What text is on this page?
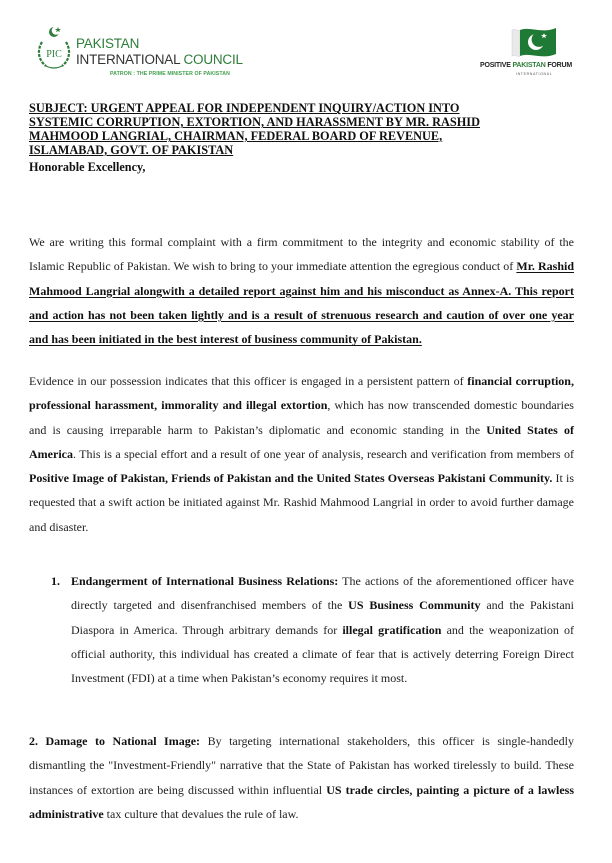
PIC
PAKISTAN
INTERNATIONAL COUNCIL
PATRON : THE PRIME MINISTER OF PAKISTAN
POSITIVE PAKISTAN FORUM
INTERNATIONAL
SUBJECT: URGENT APPEAL FOR INDEPENDENT INQUIRY/ACTION INTO SYSTEMIC CORRUPTION, EXTORTION, AND HARASSMENT BY MR. RASHID MAHMOOD LANGRIAL, CHAIRMAN, FEDERAL BOARD OF REVENUE, ISLAMABAD, GOVT. OF PAKISTAN
Honorable Excellency,
We are writing this formal complaint with a firm commitment to the integrity and economic stability of the Islamic Republic of Pakistan. We wish to bring to your immediate attention the egregious conduct of Mr. Rashid Mahmood Langrial alongwith a detailed report against him and his misconduct as Annex-A. This report and action has not been taken lightly and is a result of strenuous research and caution of over one year and has been initiated in the best interest of business community of Pakistan.
Evidence in our possession indicates that this officer is engaged in a persistent pattern of financial corruption, professional harassment, immorality and illegal extortion, which has now transcended domestic boundaries and is causing irreparable harm to Pakistan’s diplomatic and economic standing in the United States of America. This is a special effort and a result of one year of analysis, research and verification from members of Positive Image of Pakistan, Friends of Pakistan and the United States Overseas Pakistani Community. It is requested that a swift action be initiated against Mr. Rashid Mahmood Langrial in order to avoid further damage and disaster.
1. Endangerment of International Business Relations: The actions of the aforementioned officer have directly targeted and disenfranchised members of the US Business Community and the Pakistani Diaspora in America. Through arbitrary demands for illegal gratification and the weaponization of official authority, this individual has created a climate of fear that is actively deterring Foreign Direct Investment (FDI) at a time when Pakistan’s economy requires it most.
2. Damage to National Image: By targeting international stakeholders, this officer is single-handedly dismantling the "Investment-Friendly" narrative that the State of Pakistan has worked tirelessly to build. These instances of extortion are being discussed within influential US trade circles, painting a picture of a lawless administrative tax culture that devalues the rule of law.
